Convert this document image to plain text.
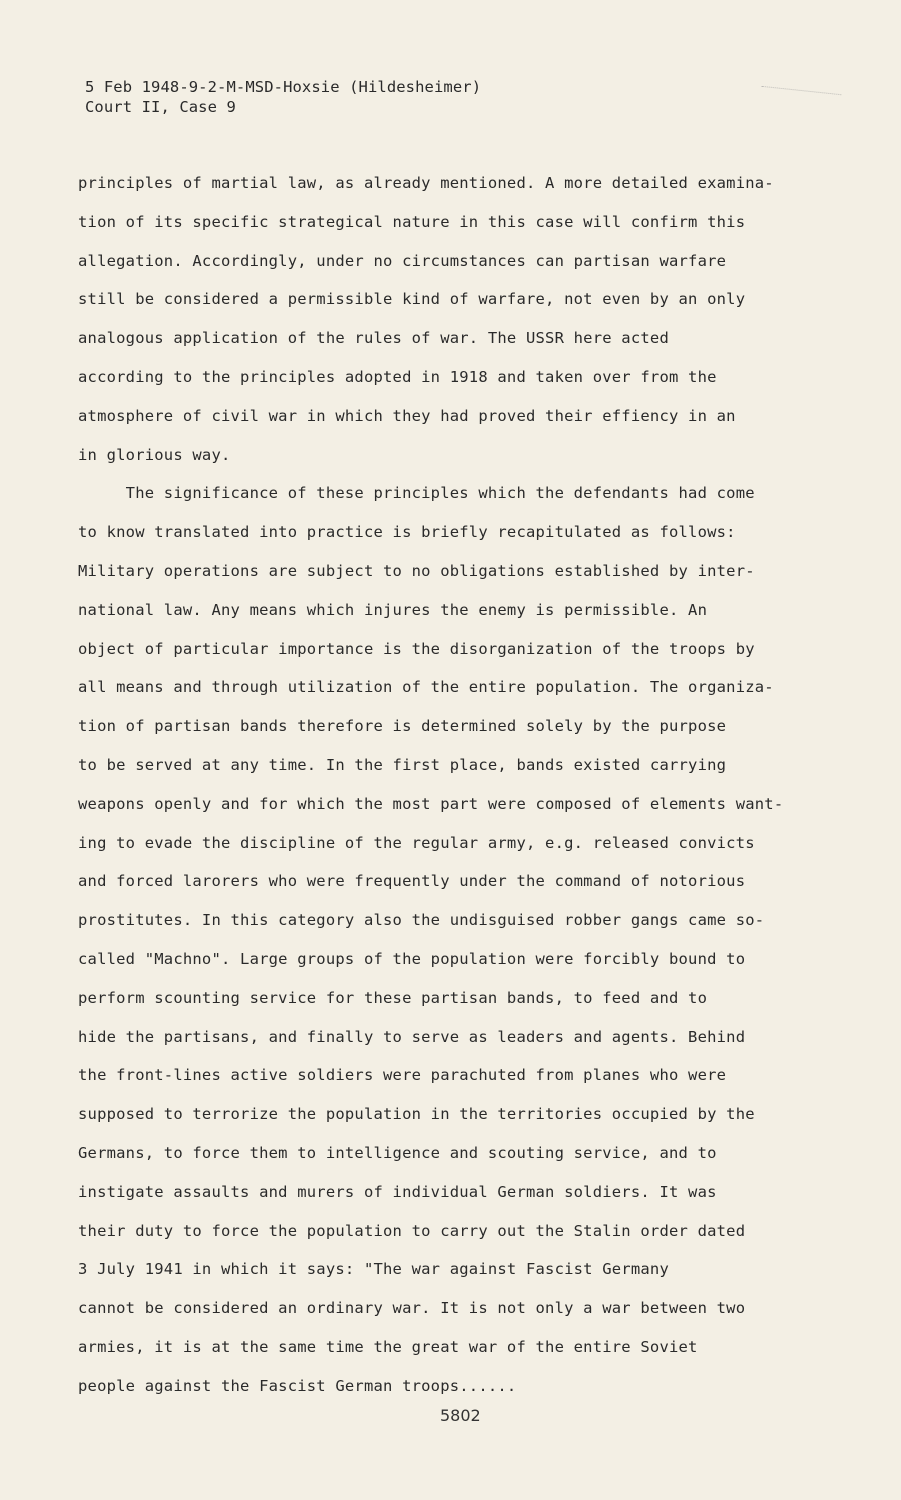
5 Feb 1948-9-2-M-MSD-Hoxsie (Hildesheimer)
Court II, Case 9
principles of martial law, as already mentioned. A more detailed examina-
tion of its specific strategical nature in this case will confirm this
allegation. Accordingly, under no circumstances can partisan warfare
still be considered a permissible kind of warfare, not even by an only
analogous application of the rules of war. The USSR here acted
according to the principles adopted in 1918 and taken over from the
atmosphere of civil war in which they had proved their effiency in an
in glorious way.
The significance of these principles which the defendants had come
to know translated into practice is briefly recapitulated as follows:
Military operations are subject to no obligations established by inter-
national law. Any means which injures the enemy is permissible. An
object of particular importance is the disorganization of the troops by
all means and through utilization of the entire population. The organiza-
tion of partisan bands therefore is determined solely by the purpose
to be served at any time. In the first place, bands existed carrying
weapons openly and for which the most part were composed of elements want-
ing to evade the discipline of the regular army, e.g. released convicts
and forced larorers who were frequently under the command of notorious
prostitutes. In this category also the undisguised robber gangs came so-
called "Machno". Large groups of the population were forcibly bound to
perform scounting service for these partisan bands, to feed and to
hide the partisans, and finally to serve as leaders and agents. Behind
the front-lines active soldiers were parachuted from planes who were
supposed to terrorize the population in the territories occupied by the
Germans, to force them to intelligence and scouting service, and to
instigate assaults and murers of individual German soldiers. It was
their duty to force the population to carry out the Stalin order dated
3 July 1941 in which it says: "The war against Fascist Germany
cannot be considered an ordinary war. It is not only a war between two
armies, it is at the same time the great war of the entire Soviet
people against the Fascist German troops......
5802
